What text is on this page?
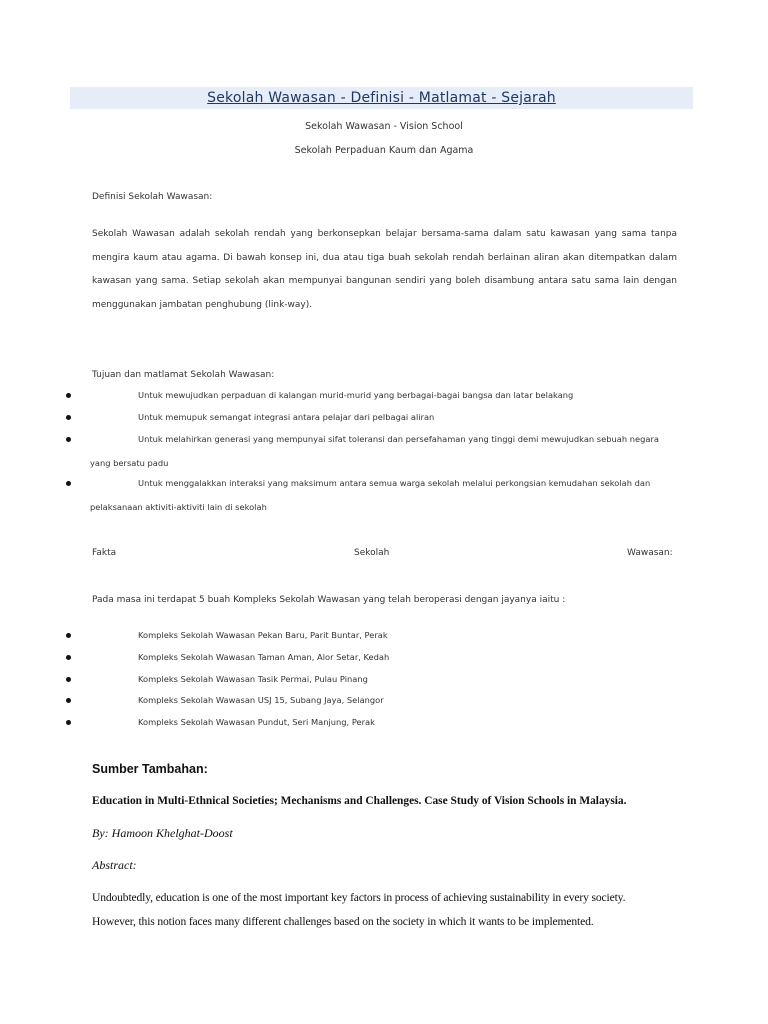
Sekolah Wawasan - Definisi - Matlamat - Sejarah
Sekolah Wawasan - Vision School
Sekolah Perpaduan Kaum dan Agama
Definisi Sekolah Wawasan:
Sekolah Wawasan adalah sekolah rendah yang berkonsepkan belajar bersama-sama dalam satu kawasan yang sama tanpa
mengira kaum atau agama. Di bawah konsep ini, dua atau tiga buah sekolah rendah berlainan aliran akan ditempatkan dalam
kawasan yang sama. Setiap sekolah akan mempunyai bangunan sendiri yang boleh disambung antara satu sama lain dengan
menggunakan jambatan penghubung (link-way).
Tujuan dan matlamat Sekolah Wawasan:
Untuk mewujudkan perpaduan di kalangan murid-murid yang berbagai-bagai bangsa dan latar belakang
Untuk memupuk semangat integrasi antara pelajar dari pelbagai aliran
Untuk melahirkan generasi yang mempunyai sifat toleransi dan persefahaman yang tinggi demi mewujudkan sebuah negara
yang bersatu padu
Untuk menggalakkan interaksi yang maksimum antara semua warga sekolah melalui perkongsian kemudahan sekolah dan
pelaksanaan aktiviti-aktiviti lain di sekolah
Fakta	Sekolah	Wawasan:
Pada masa ini terdapat 5 buah Kompleks Sekolah Wawasan yang telah beroperasi dengan jayanya iaitu :
Kompleks Sekolah Wawasan Pekan Baru, Parit Buntar, Perak
Kompleks Sekolah Wawasan Taman Aman, Alor Setar, Kedah
Kompleks Sekolah Wawasan Tasik Permai, Pulau Pinang
Kompleks Sekolah Wawasan USJ 15, Subang Jaya, Selangor
Kompleks Sekolah Wawasan Pundut, Seri Manjung, Perak
Sumber Tambahan:
Education in Multi-Ethnical Societies; Mechanisms and Challenges. Case Study of Vision Schools in Malaysia.
By: Hamoon Khelghat-Doost
Abstract:
Undoubtedly, education is one of the most important key factors in process of achieving sustainability in every society.
However, this notion faces many different challenges based on the society in which it wants to be implemented.
